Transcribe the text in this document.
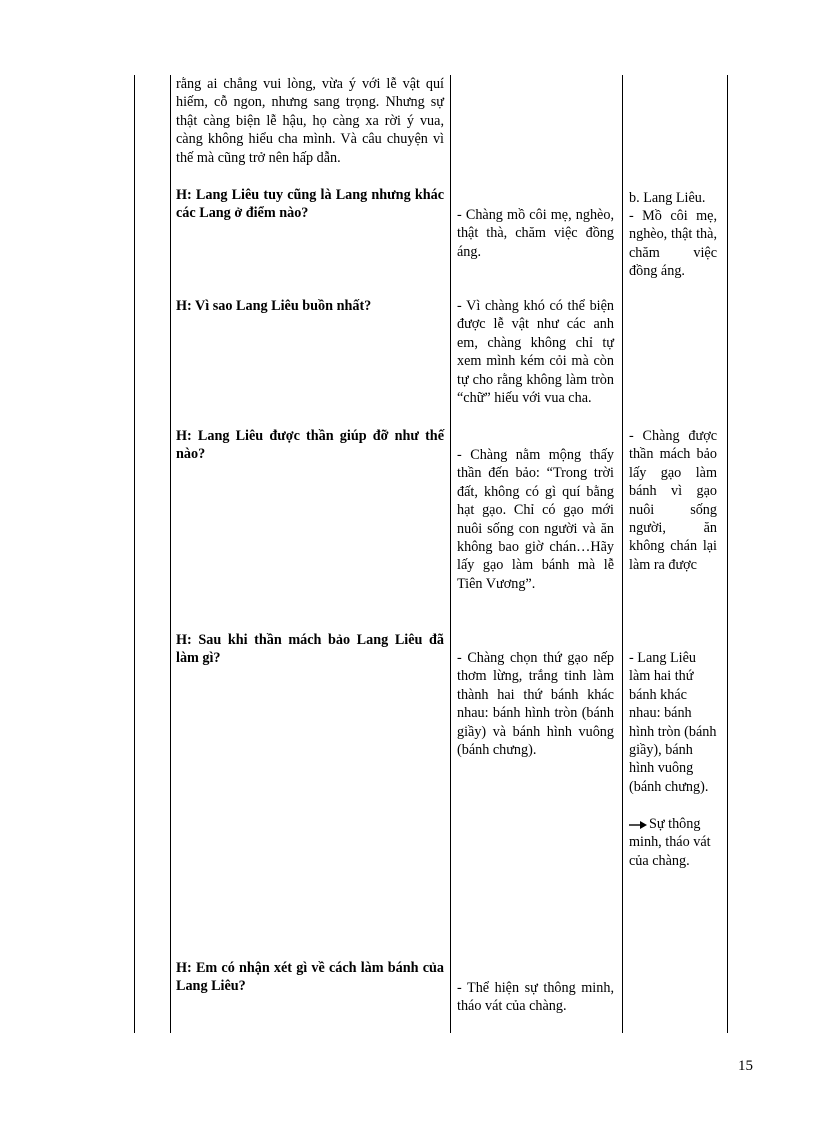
rằng ai chẳng vui lòng, vừa ý với lễ vật quí hiếm, cỗ ngon, nhưng sang trọng. Nhưng sự thật càng biện lễ hậu, họ càng xa rời ý vua, càng không hiểu cha mình. Và câu chuyện vì thế mà cũng trở nên hấp dẫn.
H: Lang Liêu tuy cũng là Lang nhưng khác các Lang ở điểm nào?
H: Vì sao Lang Liêu buồn nhất?
H: Lang Liêu được thần giúp đỡ như thế nào?
H: Sau khi thần mách bảo Lang Liêu đã làm gì?
H: Em có nhận xét gì về cách làm bánh của Lang Liêu?
- Chàng mồ côi mẹ, nghèo, thật thà, chăm việc đồng áng.
- Vì chàng khó có thể biện được lễ vật như các anh em, chàng không chỉ tự xem mình kém cỏi mà còn tự cho rằng không làm tròn “chữ” hiếu với vua cha.
- Chàng nằm mộng thấy thần đến bảo: “Trong trời đất, không có gì quí bằng hạt gạo. Chỉ có gạo mới nuôi sống con người và ăn không bao giờ chán…Hãy lấy gạo làm bánh mà lễ Tiên Vương”.
- Chàng chọn thứ gạo nếp thơm lừng, trắng tinh làm thành hai thứ bánh khác nhau: bánh hình tròn (bánh giầy) và bánh hình vuông (bánh chưng).
- Thể hiện sự thông minh, tháo vát của chàng.
b. Lang Liêu.
- Mồ côi mẹ, nghèo, thật thà, chăm việc đồng áng.
- Chàng được thần mách bảo lấy gạo làm bánh vì gạo nuôi sống người, ăn không chán lại làm ra được
- Lang Liêu làm hai thứ bánh khác nhau: bánh hình tròn (bánh giầy), bánh hình vuông (bánh chưng).
Sự thông minh, tháo vát của chàng.
15
